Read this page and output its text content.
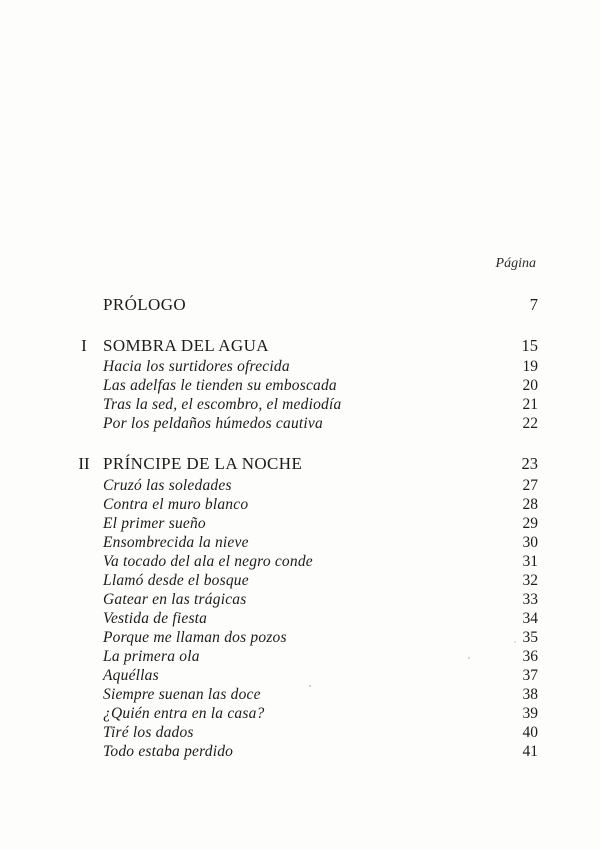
Página
PRÓLOGO	7
I SOMBRA DEL AGUA	15
Hacia los surtidores ofrecida	19
Las adelfas le tienden su emboscada	20
Tras la sed, el escombro, el mediodía	21
Por los peldaños húmedos cautiva	22
II PRÍNCIPE DE LA NOCHE	23
Cruzó las soledades	27
Contra el muro blanco	28
El primer sueño	29
Ensombrecida la nieve	30
Va tocado del ala el negro conde	31
Llamó desde el bosque	32
Gatear en las trágicas	33
Vestida de fiesta	34
Porque me llaman dos pozos	35
La primera ola	36
Aquéllas	37
Siempre suenan las doce	38
¿Quién entra en la casa?	39
Tiré los dados	40
Todo estaba perdido	41
